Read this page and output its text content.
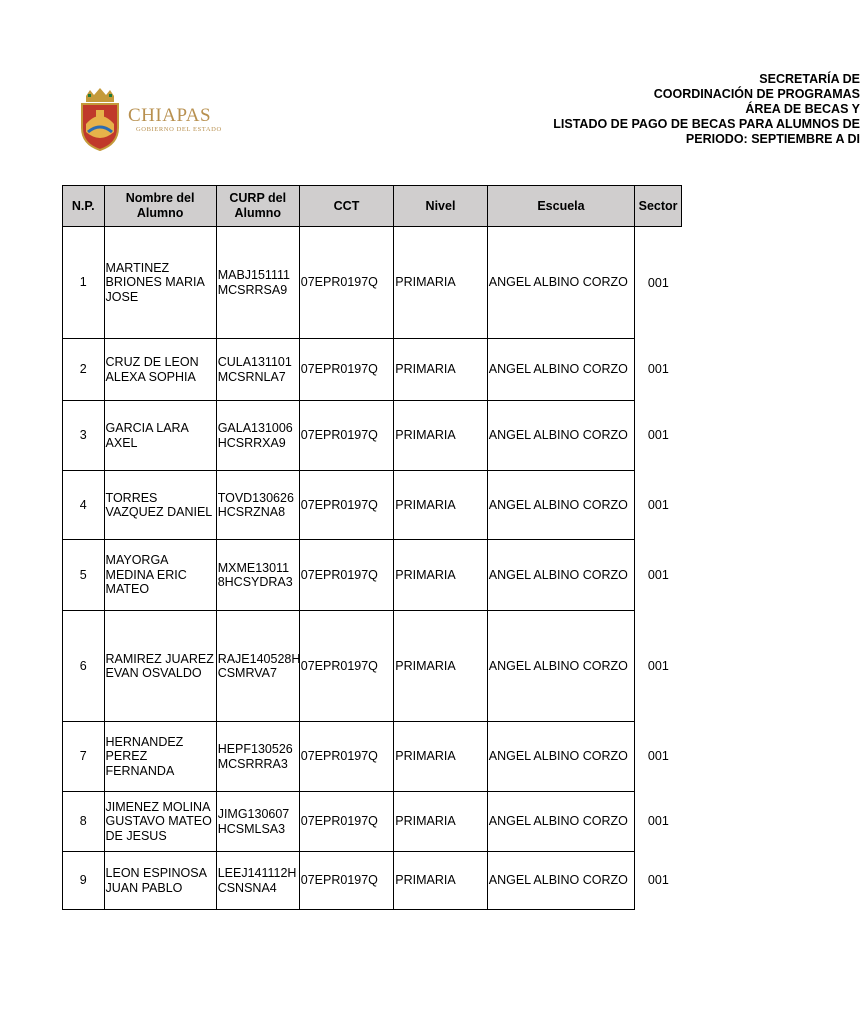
CHIAPAS
GOBIERNO DEL ESTADO
SECRETARÍA DE
COORDINACIÓN DE PROGRAMAS
ÁREA DE BECAS Y
LISTADO DE PAGO DE BECAS PARA ALUMNOS DE
PERIODO: SEPTIEMBRE A DI
N.P.	Nombre del Alumno	CURP del Alumno	CCT	Nivel	Escuela	Sector
1	MARTINEZ BRIONES MARIA JOSE	MABJ151111 MCSRRSA9	07EPR0197Q	PRIMARIA	ANGEL ALBINO CORZO	001
2	CRUZ DE LEON ALEXA SOPHIA	CULA131101 MCSRNLA7	07EPR0197Q	PRIMARIA	ANGEL ALBINO CORZO	001
3	GARCIA LARA AXEL	GALA131006 HCSRRXA9	07EPR0197Q	PRIMARIA	ANGEL ALBINO CORZO	001
4	TORRES VAZQUEZ DANIEL	TOVD130626 HCSRZNA8	07EPR0197Q	PRIMARIA	ANGEL ALBINO CORZO	001
5	MAYORGA MEDINA ERIC MATEO	MXME13011 8HCSYDRA3	07EPR0197Q	PRIMARIA	ANGEL ALBINO CORZO	001
6	RAMIREZ JUAREZ EVAN OSVALDO	RAJE140528H CSMRVA7	07EPR0197Q	PRIMARIA	ANGEL ALBINO CORZO	001
7	HERNANDEZ PEREZ FERNANDA	HEPF130526 MCSRRRA3	07EPR0197Q	PRIMARIA	ANGEL ALBINO CORZO	001
8	JIMENEZ MOLINA GUSTAVO MATEO DE JESUS	JIMG130607 HCSMLSA3	07EPR0197Q	PRIMARIA	ANGEL ALBINO CORZO	001
9	LEON ESPINOSA JUAN PABLO	LEEJ141112H CSNSNA4	07EPR0197Q	PRIMARIA	ANGEL ALBINO CORZO	001
